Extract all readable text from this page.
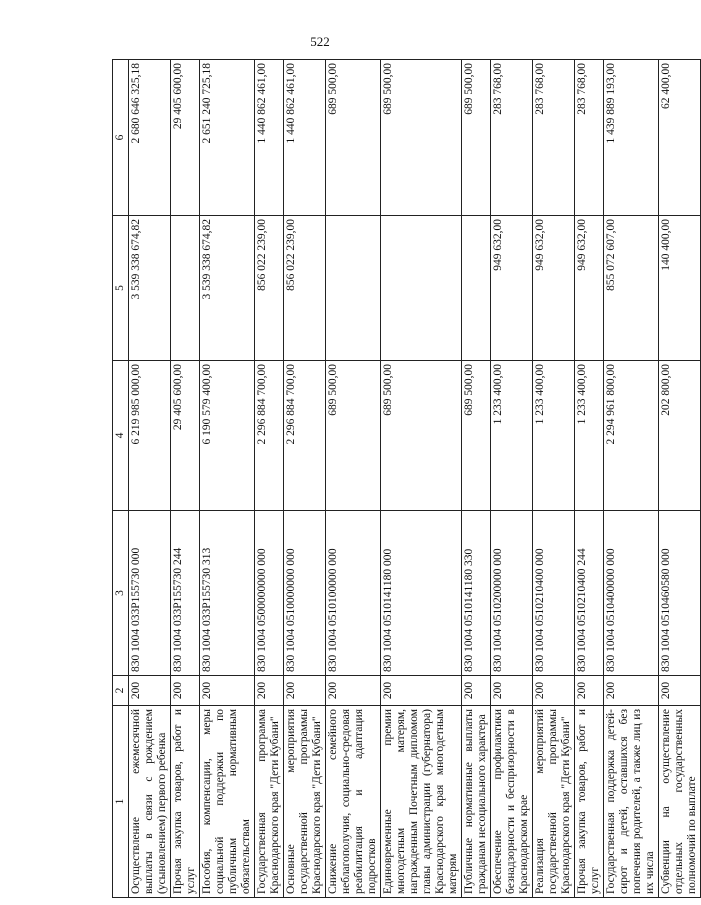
522
1	2	3	4	5	6
Осуществление ежемесячной выплаты в связи с рождением (усыновлением) первого ребенка	200	830 1004 033P155730 000	6 219 985 000,00	3 539 338 674,82	2 680 646 325,18
Прочая закупка товаров, работ и услуг	200	830 1004 033P155730 244	29 405 600,00		29 405 600,00
Пособия, компенсации, меры социальной поддержки по публичным нормативным обязательствам	200	830 1004 033P155730 313	6 190 579 400,00	3 539 338 674,82	2 651 240 725,18
Государственная программа Краснодарского края "Дети Кубани"	200	830 1004 0500000000 000	2 296 884 700,00	856 022 239,00	1 440 862 461,00
Основные мероприятия государственной программы Краснодарского края "Дети Кубани"	200	830 1004 0510000000 000	2 296 884 700,00	856 022 239,00	1 440 862 461,00
Снижение семейного неблагополучия, социально-средовая реабилитация и адаптация подростков	200	830 1004 0510100000 000	689 500,00		689 500,00
Единовременные премии многодетным матерям, награжденным Почетным дипломом главы администрации (губернатора) Краснодарского края многодетным матерям	200	830 1004 0510141180 000	689 500,00		689 500,00
Публичные нормативные выплаты гражданам несоциального характера	200	830 1004 0510141180 330	689 500,00		689 500,00
Обеспечение профилактики безнадзорности и беспризорности в Краснодарском крае	200	830 1004 0510200000 000	1 233 400,00	949 632,00	283 768,00
Реализация мероприятий государственной программы Краснодарского края "Дети Кубани"	200	830 1004 0510210400 000	1 233 400,00	949 632,00	283 768,00
Прочая закупка товаров, работ и услуг	200	830 1004 0510210400 244	1 233 400,00	949 632,00	283 768,00
Государственная поддержка детей-сирот и детей, оставшихся без попечения родителей, а также лиц из их числа	200	830 1004 0510400000 000	2 294 961 800,00	855 072 607,00	1 439 889 193,00
Субвенции на осуществление отдельных государственных полномочий по выплате	200	830 1004 0510460580 000	202 800,00	140 400,00	62 400,00
